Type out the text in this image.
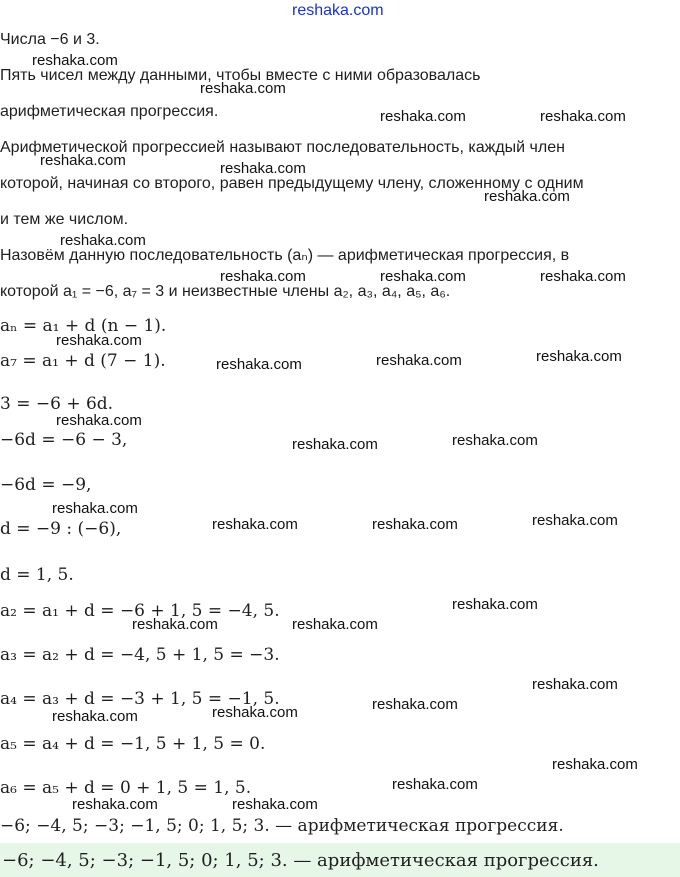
reshaka.com
Числа −6 и 3.
Пять чисел между данными, чтобы вместе с ними образовалась
арифметическая прогрессия.
Арифметической прогрессией называют последовательность, каждый член
которой, начиная со второго, равен предыдущему члену, сложенному с одним
и тем же числом.
Назовём данную последовательность (aₙ) — арифметическая прогрессия, в
которой a₁ = −6, a₇ = 3 и неизвестные члены a₂, a₃, a₄, a₅, a₆.
aₙ = a₁ + d (n − 1).
a₇ = a₁ + d (7 − 1).
3 = −6 + 6d.
−6d = −6 − 3,
−6d = −9,
d = −9 : (−6),
d = 1, 5.
a₂ = a₁ + d = −6 + 1, 5 = −4, 5.
a₃ = a₂ + d = −4, 5 + 1, 5 = −3.
a₄ = a₃ + d = −3 + 1, 5 = −1, 5.
a₅ = a₄ + d = −1, 5 + 1, 5 = 0.
a₆ = a₅ + d = 0 + 1, 5 = 1, 5.
−6; −4, 5; −3; −1, 5; 0; 1, 5; 3. — арифметическая прогрессия.
−6; −4, 5; −3; −1, 5; 0; 1, 5; 3. — арифметическая прогрессия.
reshaka.com
reshaka.com
reshaka.com	reshaka.com
reshaka.com	reshaka.com
reshaka.com
reshaka.com
reshaka.com	reshaka.com	reshaka.com
reshaka.com
reshaka.com	reshaka.com	reshaka.com
reshaka.com
reshaka.com	reshaka.com
reshaka.com
reshaka.com	reshaka.com	reshaka.com
reshaka.com
reshaka.com	reshaka.com
reshaka.com
reshaka.com
reshaka.com	reshaka.com
reshaka.com
reshaka.com
reshaka.com	reshaka.com
